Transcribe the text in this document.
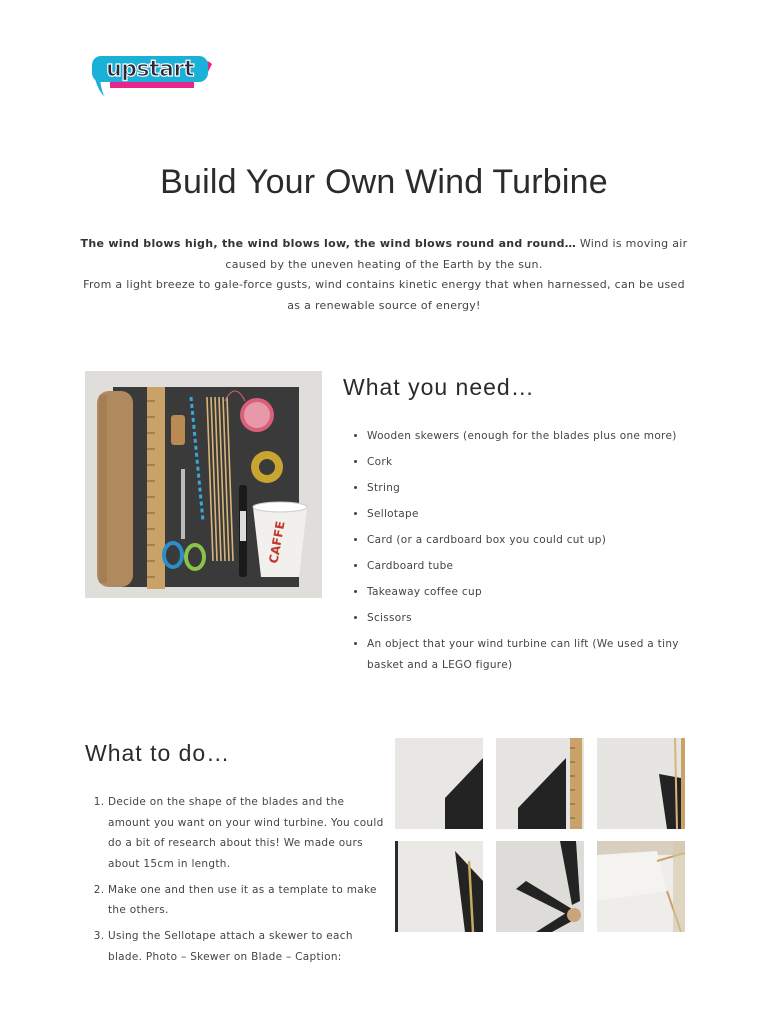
upstart
Build Your Own Wind Turbine
The wind blows high, the wind blows low, the wind blows round and round… Wind is moving air caused by the uneven heating of the Earth by the sun.
From a light breeze to gale-force gusts, wind contains kinetic energy that when harnessed, can be used as a renewable source of energy!
CAFFE
What you need…
• Wooden skewers (enough for the blades plus one more)
• Cork
• String
• Sellotape
• Card (or a cardboard box you could cut up)
• Cardboard tube
• Takeaway coffee cup
• Scissors
• An object that your wind turbine can lift (We used a tiny basket and a LEGO figure)
What to do…
1. Decide on the shape of the blades and the amount you want on your wind turbine. You could do a bit of research about this! We made ours about 15cm in length.
2. Make one and then use it as a template to make the others.
3. Using the Sellotape attach a skewer to each blade. Photo – Skewer on Blade – Caption:
